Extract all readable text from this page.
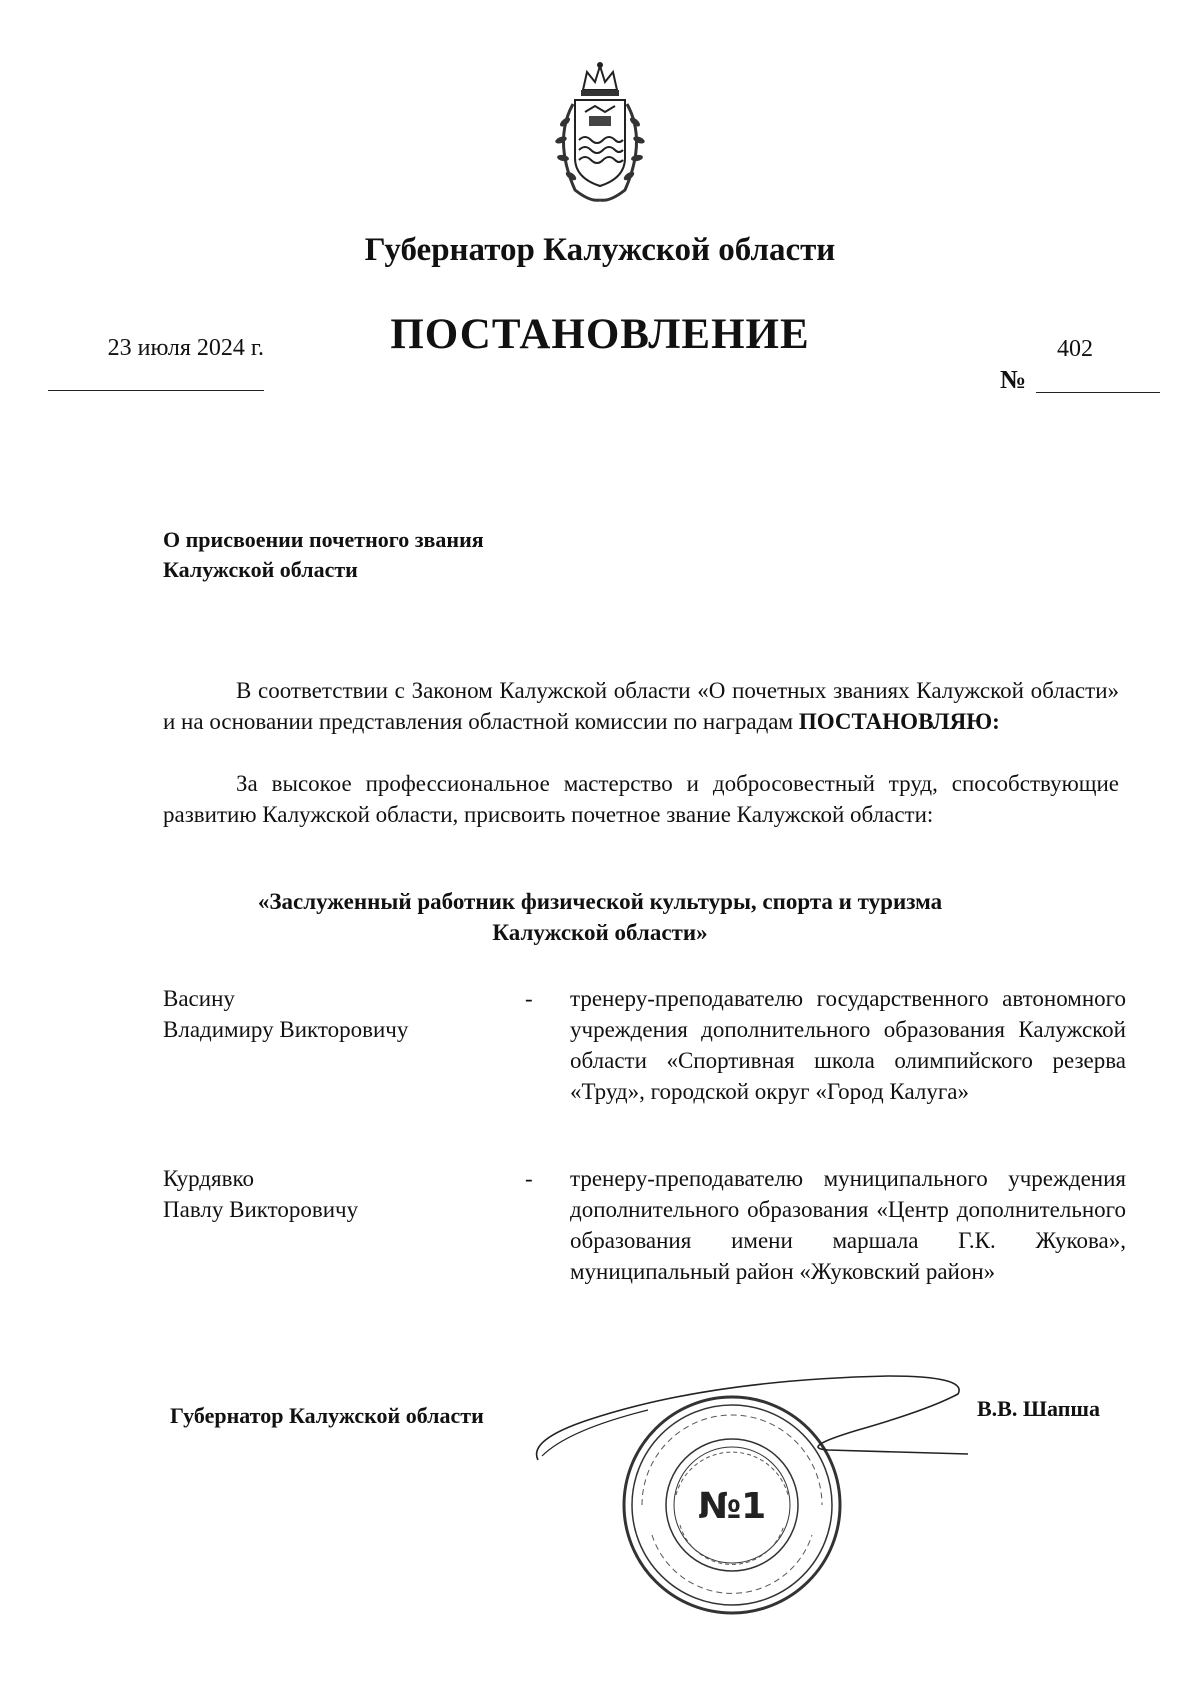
Губернатор Калужской области
23 июля 2024 г.	ПОСТАНОВЛЕНИЕ	402
№
О присвоении почетного звания
Калужской области
В соответствии с Законом Калужской области «О почетных званиях Калужской области» и на основании представления областной комиссии по наградам ПОСТАНОВЛЯЮ:
За высокое профессиональное мастерство и добросовестный труд, способствующие развитию Калужской области, присвоить почетное звание Калужской области:
«Заслуженный работник физической культуры, спорта и туризма
Калужской области»
Васину
Владимиру Викторовичу
- тренеру-преподавателю государственного автономного учреждения дополнительного образования Калужской области «Спортивная школа олимпийского резерва «Труд», городской округ «Город Калуга»
Курдявко
Павлу Викторовичу
- тренеру-преподавателю муниципального учреждения дополнительного образования «Центр дополнительного образования имени маршала Г.К. Жукова», муниципальный район «Жуковский район»
Губернатор Калужской области	В.В. Шапша
№1
